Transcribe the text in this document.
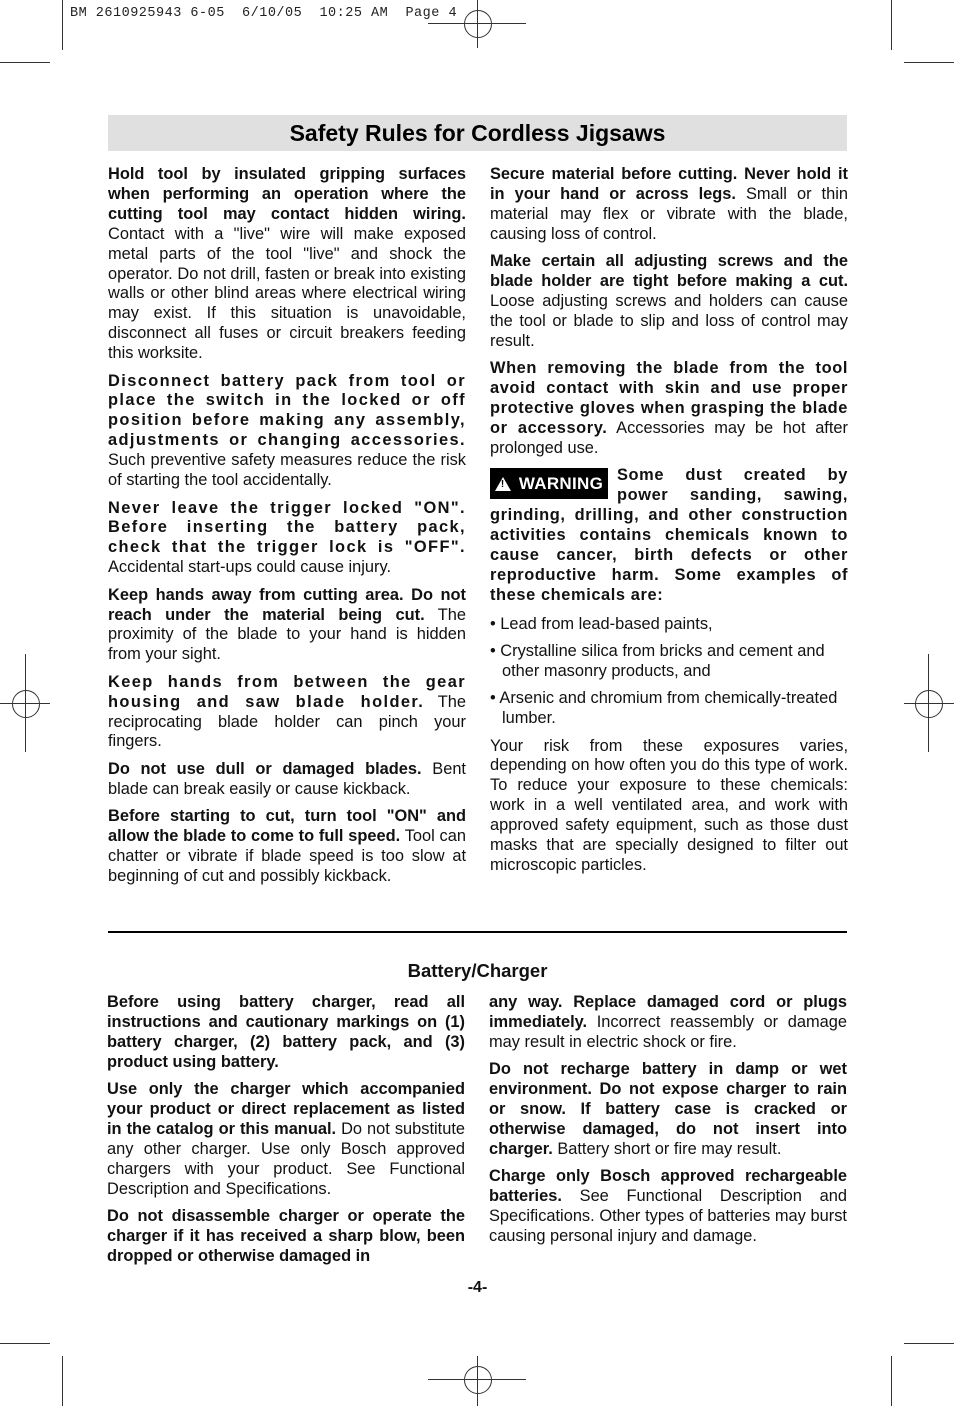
BM 2610925943 6-05  6/10/05  10:25 AM  Page 4
Safety Rules for Cordless Jigsaws

Hold tool by insulated gripping surfaces when performing an operation where the cutting tool may contact hidden wiring. Contact with a "live" wire will make exposed metal parts of the tool "live" and shock the operator. Do not drill, fasten or break into existing walls or other blind areas where electrical wiring may exist. If this situation is unavoidable, disconnect all fuses or circuit breakers feeding this worksite.

Disconnect battery pack from tool or place the switch in the locked or off position before making any assembly, adjustments or changing accessories. Such preventive safety measures reduce the risk of starting the tool accidentally.

Never leave the trigger locked "ON". Before inserting the battery pack, check that the trigger lock is "OFF". Accidental start-ups could cause injury.

Keep hands away from cutting area. Do not reach under the material being cut. The proximity of the blade to your hand is hidden from your sight.

Keep hands from between the gear housing and saw blade holder. The reciprocating blade holder can pinch your fingers.

Do not use dull or damaged blades. Bent blade can break easily or cause kickback.

Before starting to cut, turn tool "ON" and allow the blade to come to full speed. Tool can chatter or vibrate if blade speed is too slow at beginning of cut and possibly kickback.

Secure material before cutting. Never hold it in your hand or across legs. Small or thin material may flex or vibrate with the blade, causing loss of control.

Make certain all adjusting screws and the blade holder are tight before making a cut. Loose adjusting screws and holders can cause the tool or blade to slip and loss of control may result.

When removing the blade from the tool avoid contact with skin and use proper protective gloves when grasping the blade or accessory. Accessories may be hot after prolonged use.

! WARNING Some dust created by power sanding, sawing, grinding, drilling, and other construction activities contains chemicals known to cause cancer, birth defects or other reproductive harm. Some examples of these chemicals are:

• Lead from lead-based paints,

• Crystalline silica from bricks and cement and other masonry products, and

• Arsenic and chromium from chemically-treated lumber.

Your risk from these exposures varies, depending on how often you do this type of work. To reduce your exposure to these chemicals: work in a well ventilated area, and work with approved safety equipment, such as those dust masks that are specially designed to filter out microscopic particles.

Battery/Charger

Before using battery charger, read all instructions and cautionary markings on (1) battery charger, (2) battery pack, and (3) product using battery.

Use only the charger which accompanied your product or direct replacement as listed in the catalog or this manual. Do not substitute any other charger. Use only Bosch approved chargers with your product. See Functional Description and Specifications.

Do not disassemble charger or operate the charger if it has received a sharp blow, been dropped or otherwise damaged in

any way. Replace damaged cord or plugs immediately. Incorrect reassembly or damage may result in electric shock or fire.

Do not recharge battery in damp or wet environment. Do not expose charger to rain or snow. If battery case is cracked or otherwise damaged, do not insert into charger. Battery short or fire may result.

Charge only Bosch approved rechargeable batteries. See Functional Description and Specifications. Other types of batteries may burst causing personal injury and damage.

-4-
